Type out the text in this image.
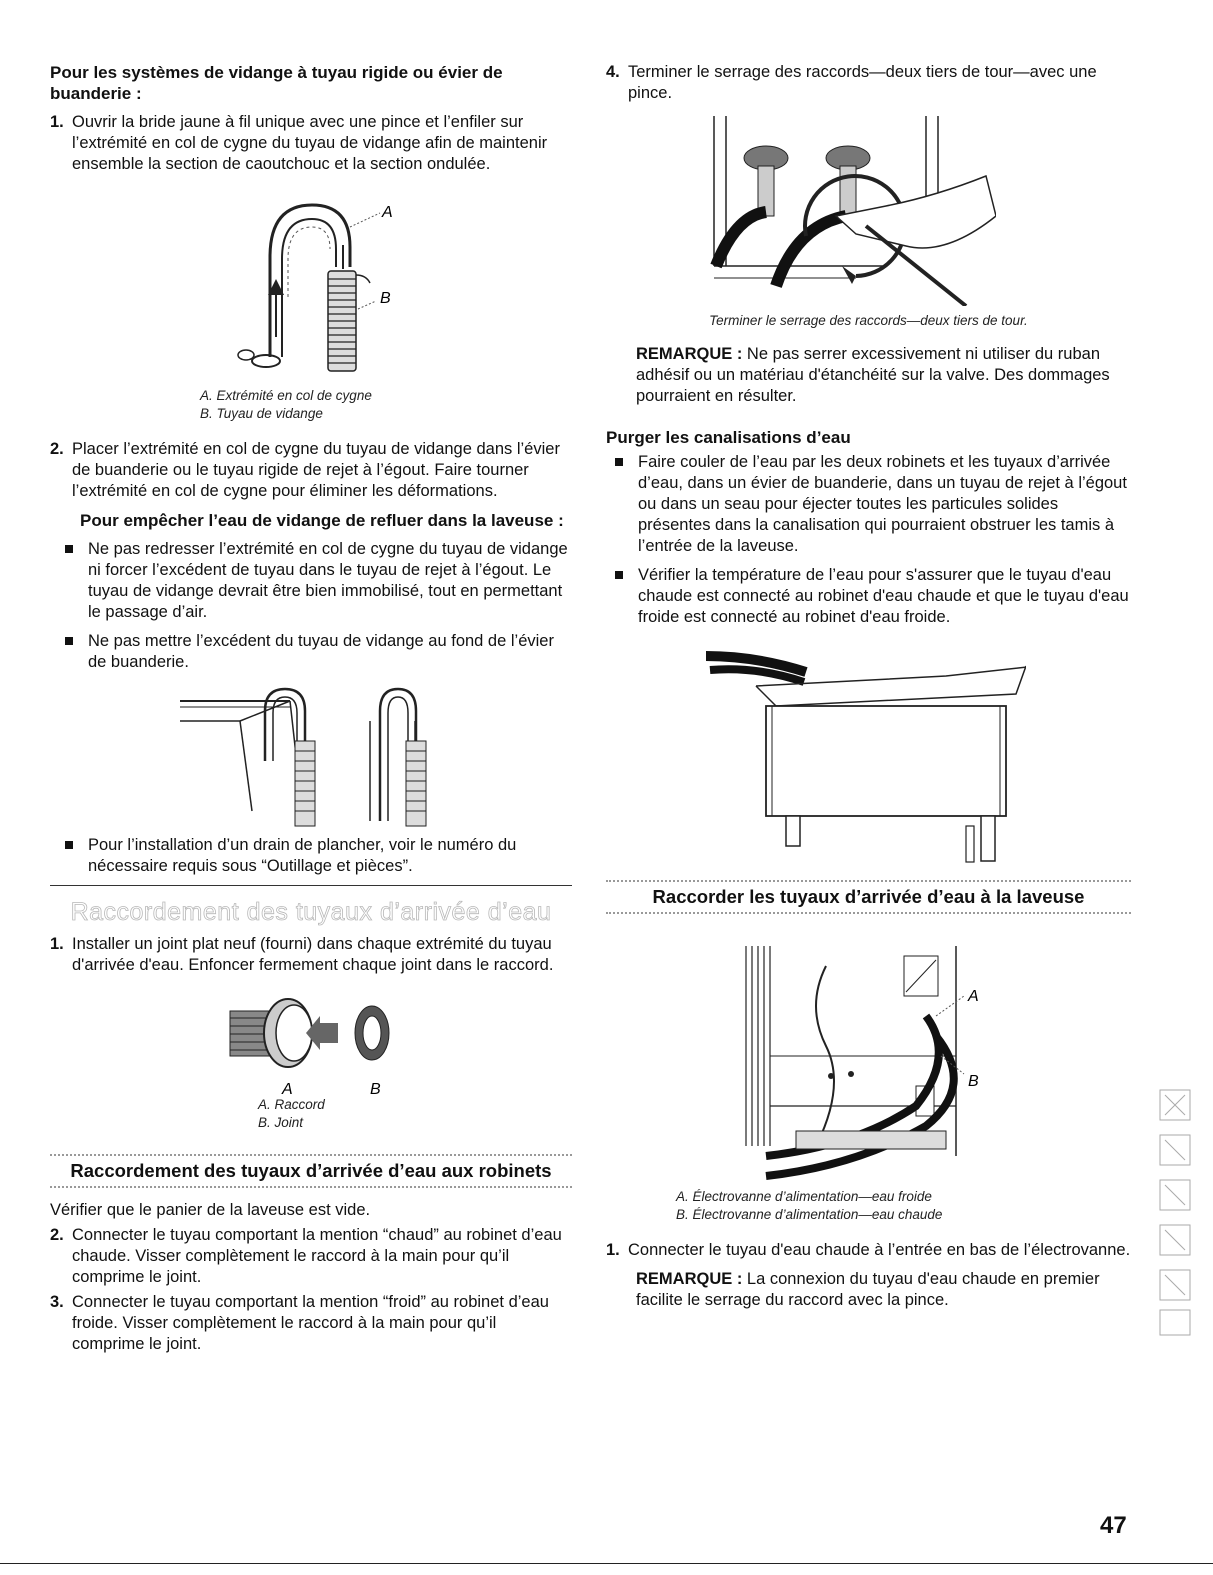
Pour les systèmes de vidange à tuyau rigide ou évier de buanderie :
1. Ouvrir la bride jaune à fil unique avec une pince et l’enfiler sur l’extrémité en col de cygne du tuyau de vidange afin de maintenir ensemble la section de caoutchouc et la section ondulée.
A
B
A. Extrémité en col de cygne
B. Tuyau de vidange
2. Placer l’extrémité en col de cygne du tuyau de vidange dans l’évier de buanderie ou le tuyau rigide de rejet à l’égout. Faire tourner l’extrémité en col de cygne pour éliminer les déformations.
Pour empêcher l’eau de vidange de refluer dans la laveuse :
Ne pas redresser l’extrémité en col de cygne du tuyau de vidange ni forcer l’excédent de tuyau dans le tuyau de rejet à l’égout. Le tuyau de vidange devrait être bien immobilisé, tout en permettant le passage d’air.
Ne pas mettre l’excédent du tuyau de vidange au fond de l’évier de buanderie.
Pour l’installation d’un drain de plancher, voir le numéro du nécessaire requis sous “Outillage et pièces”.
Raccordement des tuyaux d’arrivée d’eau
1. Installer un joint plat neuf (fourni) dans chaque extrémité du tuyau d'arrivée d'eau. Enfoncer fermement chaque joint dans le raccord.
A	B
A. Raccord
B. Joint
Raccordement des tuyaux d’arrivée d’eau aux robinets
Vérifier que le panier de la laveuse est vide.
2. Connecter le tuyau comportant la mention “chaud” au robinet d’eau chaude. Visser complètement le raccord à la main pour qu’il comprime le joint.
3. Connecter le tuyau comportant la mention “froid” au robinet d’eau froide. Visser complètement le raccord à la main pour qu’il comprime le joint.
4. Terminer le serrage des raccords—deux tiers de tour—avec une pince.
Terminer le serrage des raccords—deux tiers de tour.
REMARQUE : Ne pas serrer excessivement ni utiliser du ruban adhésif ou un matériau d'étanchéité sur la valve. Des dommages pourraient en résulter.
Purger les canalisations d’eau
Faire couler de l’eau par les deux robinets et les tuyaux d’arrivée d’eau, dans un évier de buanderie, dans un tuyau de rejet à l’égout ou dans un seau pour éjecter toutes les particules solides présentes dans la canalisation qui pourraient obstruer les tamis à l’entrée de la laveuse.
Vérifier la température de l’eau pour s'assurer que le tuyau d'eau chaude est connecté au robinet d'eau chaude et que le tuyau d'eau froide est connecté au robinet d'eau froide.
Raccorder les tuyaux d’arrivée d’eau à la laveuse
A
B
A. Électrovanne d’alimentation—eau froide
B. Électrovanne d’alimentation—eau chaude
1. Connecter le tuyau d'eau chaude à l’entrée en bas de l’électrovanne.
REMARQUE : La connexion du tuyau d'eau chaude en premier facilite le serrage du raccord avec la pince.
47
